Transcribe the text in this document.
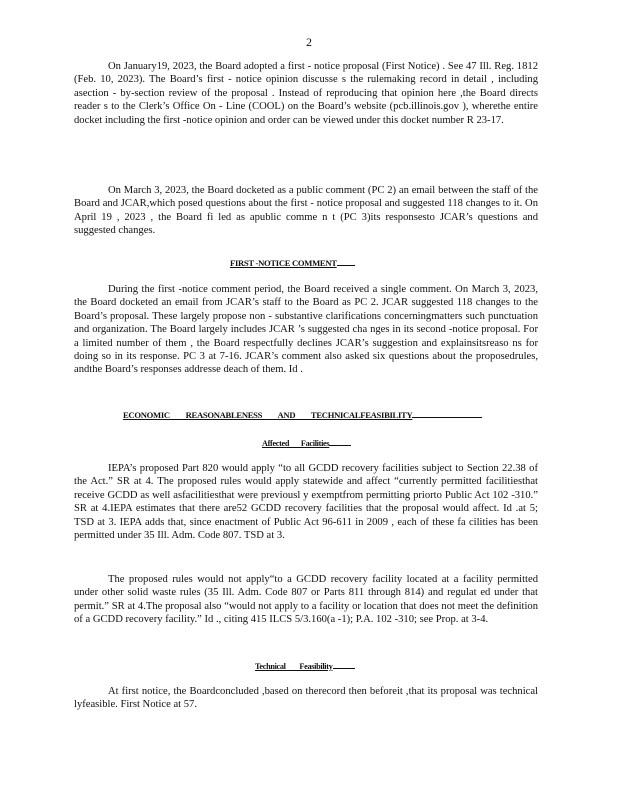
2

On January19, 2023, the Board adopted a first - notice proposal (First Notice) . See 47 Ill. Reg. 1812 (Feb. 10, 2023). The Board’s first - notice opinion discusse s the rulemaking record in detail , including asection - by-section review of the proposal . Instead of reproducing that opinion here ,the Board directs reader s to the Clerk’s Office On - Line (COOL) on the Board’s website (pcb.illinois.gov ), wherethe entire docket including the first -notice opinion and order can be viewed under this docket number R 23-17.

On March 3, 2023, the Board docketed as a public comment (PC 2) an email between the staff of the Board and JCAR,which posed questions about the first - notice proposal and suggested 118 changes to it. On April 19 , 2023 , the Board fi led as apublic comme n t (PC 3)its responsesto JCAR’s questions and suggested changes.

FIRST -NOTICE COMMENT

During the first -notice comment period, the Board received a single comment. On March 3, 2023, the Board docketed an email from JCAR’s staff to the Board as PC 2. JCAR suggested 118 changes to the Board’s proposal. These largely propose non - substantive clarifications concerningmatters such punctuation and organization. The Board largely includes JCAR ’s suggested cha nges in its second -notice proposal. For a limited number of them , the Board respectfully declines JCAR’s suggestion and explainsitsreaso ns for doing so in its response. PC 3 at 7-16. JCAR’s comment also asked six questions about the proposedrules, andthe Board’s responses addresse deach of them. Id .

ECONOMIC REASONABLENESS AND TECHNICALFEASIBILITY

Affected Facilities

IEPA’s proposed Part 820 would apply “to all GCDD recovery facilities subject to Section 22.38 of the Act.” SR at 4. The proposed rules would apply statewide and affect “currently permitted facilitiesthat receive GCDD as well asfacilitiesthat were previousl y exemptfrom permitting priorto Public Act 102 -310.” SR at 4.IEPA estimates that there are52 GCDD recovery facilities that the proposal would affect. Id .at 5; TSD at 3. IEPA adds that, since enactment of Public Act 96-611 in 2009 , each of these fa cilities has been permitted under 35 Ill. Adm. Code 807. TSD at 3.

The proposed rules would not apply“to a GCDD recovery facility located at a facility permitted under other solid waste rules (35 Ill. Adm. Code 807 or Parts 811 through 814) and regulat ed under that permit.” SR at 4.The proposal also “would not apply to a facility or location that does not meet the definition of a GCDD recovery facility.” Id ., citing 415 ILCS 5/3.160(a -1); P.A. 102 -310; see Prop. at 3-4.

Technical Feasibility

At first notice, the Boardconcluded ,based on therecord then beforeit ,that its proposal was technical lyfeasible. First Notice at 57.
